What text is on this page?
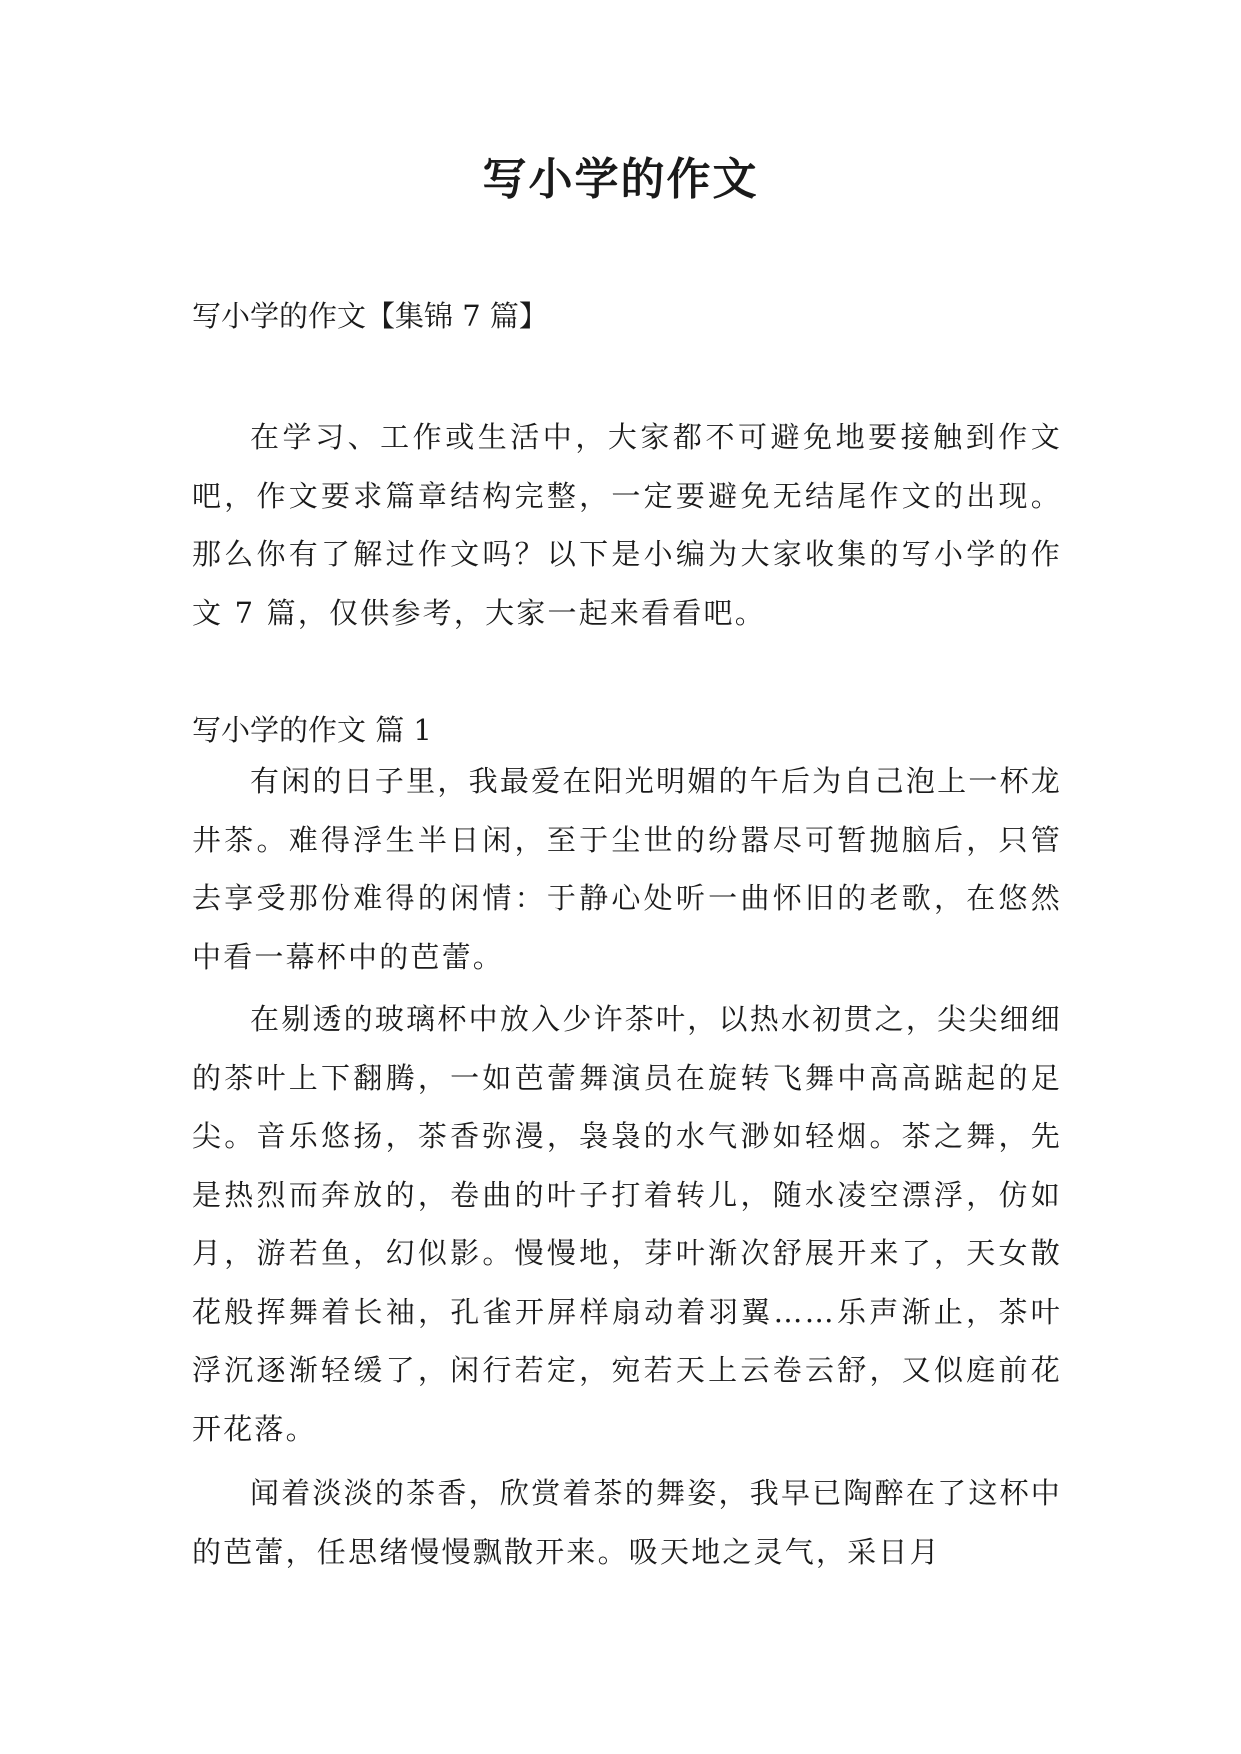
写小学的作文

写小学的作文【集锦 7 篇】

在学习、工作或生活中，大家都不可避免地要接触到作文吧，作文要求篇章结构完整，一定要避免无结尾作文的出现。那么你有了解过作文吗？以下是小编为大家收集的写小学的作文 7 篇，仅供参考，大家一起来看看吧。

写小学的作文 篇 1

有闲的日子里，我最爱在阳光明媚的午后为自己泡上一杯龙井茶。难得浮生半日闲，至于尘世的纷嚣尽可暂抛脑后，只管去享受那份难得的闲情：于静心处听一曲怀旧的老歌，在悠然中看一幕杯中的芭蕾。

在剔透的玻璃杯中放入少许茶叶，以热水初贯之，尖尖细细的茶叶上下翻腾，一如芭蕾舞演员在旋转飞舞中高高踮起的足尖。音乐悠扬，茶香弥漫，袅袅的水气渺如轻烟。茶之舞，先是热烈而奔放的，卷曲的叶子打着转儿，随水凌空漂浮，仿如月，游若鱼，幻似影。慢慢地，芽叶渐次舒展开来了，天女散花般挥舞着长袖，孔雀开屏样扇动着羽翼……乐声渐止，茶叶浮沉逐渐轻缓了，闲行若定，宛若天上云卷云舒，又似庭前花开花落。

闻着淡淡的茶香，欣赏着茶的舞姿，我早已陶醉在了这杯中的芭蕾，任思绪慢慢飘散开来。吸天地之灵气，采日月
